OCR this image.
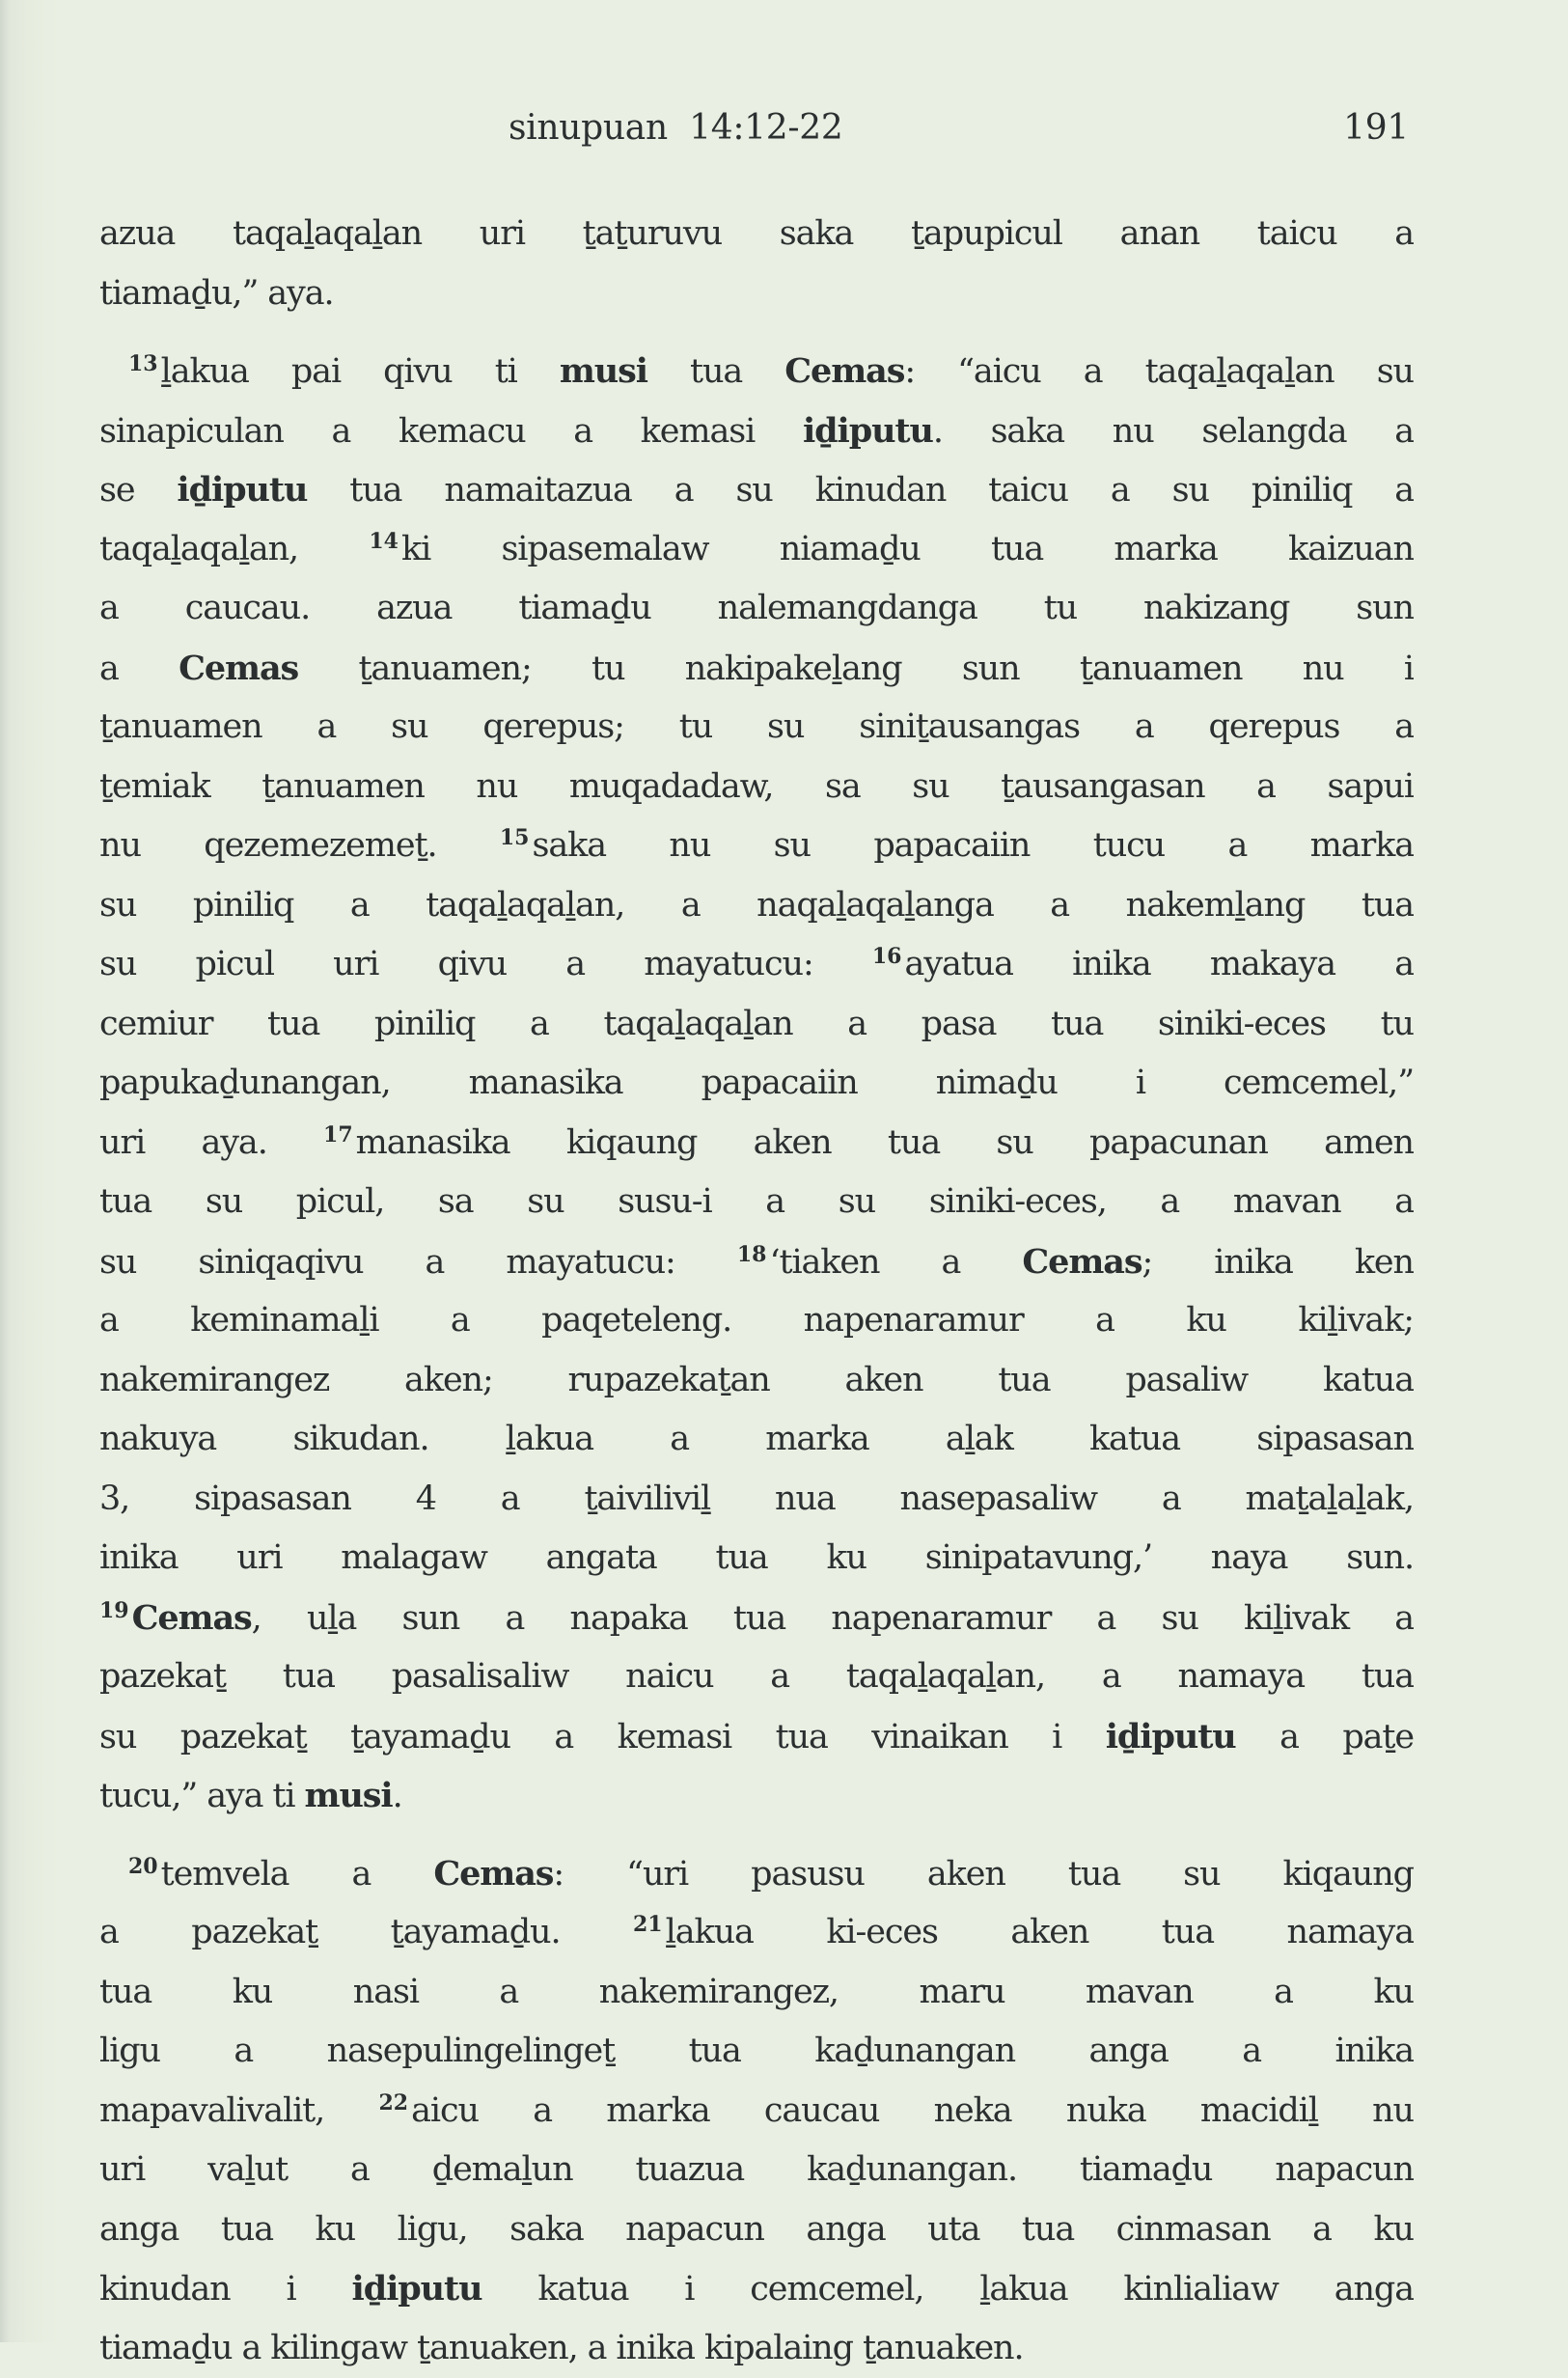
sinupuan  14:12-22	191
azua taqaḻaqaḻan uri ṯaṯuruvu saka ṯapupicul anan taicu a
tiamaḏu,” aya.
$^{13}$ḻakua pai qivu ti musi tua Cemas: “aicu a taqaḻaqaḻan su
sinapiculan a kemacu a kemasi iḏiputu. saka nu selangda a
se iḏiputu tua namaitazua a su kinudan taicu a su piniliq a
taqaḻaqaḻan, $^{14}$ki sipasemalaw niamaḏu tua marka kaizuan
a caucau. azua tiamaḏu nalemangdanga tu nakizang sun
a Cemas ṯanuamen; tu nakipakeḻang sun ṯanuamen nu i
ṯanuamen a su qerepus; tu su siniṯausangas a qerepus a
ṯemiak ṯanuamen nu muqadadaw, sa su ṯausangasan a sapui
nu qezemezemeṯ. $^{15}$saka nu su papacaiin tucu a marka
su piniliq a taqaḻaqaḻan, a naqaḻaqaḻanga a nakemḻang tua
su picul uri qivu a mayatucu: $^{16}$ayatua inika makaya a
cemiur tua piniliq a taqaḻaqaḻan a pasa tua siniki-eces tu
papukaḏunangan, manasika papacaiin nimaḏu i cemcemel,”
uri aya. $^{17}$manasika kiqaung aken tua su papacunan amen
tua su picul, sa su susu-i a su siniki-eces, a mavan a
su siniqaqivu a mayatucu: $^{18}$‘tiaken a Cemas; inika ken
a keminamaḻi a paqeteleng. napenaramur a ku kiḻivak;
nakemirangez aken; rupazekaṯan aken tua pasaliw katua
nakuya sikudan. ḻakua a marka aḻak katua sipasasan
3, sipasasan 4 a ṯaiviliviḻ nua nasepasaliw a maṯaḻaḻak,
inika uri malagaw angata tua ku sinipatavung,’ naya sun.
$^{19}$Cemas, uḻa sun a napaka tua napenaramur a su kiḻivak a
pazekaṯ tua pasalisaliw naicu a taqaḻaqaḻan, a namaya tua
su pazekaṯ ṯayamaḏu a kemasi tua vinaikan i iḏiputu a paṯe
tucu,” aya ti musi.
$^{20}$temvela a Cemas: “uri pasusu aken tua su kiqaung
a pazekaṯ ṯayamaḏu. $^{21}$ḻakua ki-eces aken tua namaya
tua ku nasi a nakemirangez, maru mavan a ku
ligu a nasepulingelingeṯ tua kaḏunangan anga a inika
mapavalivalit, $^{22}$aicu a marka caucau neka nuka macidiḻ nu
uri vaḻut a ḏemaḻun tuazua kaḏunangan. tiamaḏu napacun
anga tua ku ligu, saka napacun anga uta tua cinmasan a ku
kinudan i iḏiputu katua i cemcemel, ḻakua kinlialiaw anga
tiamaḏu a kilingaw ṯanuaken, a inika kipalaing ṯanuaken.
